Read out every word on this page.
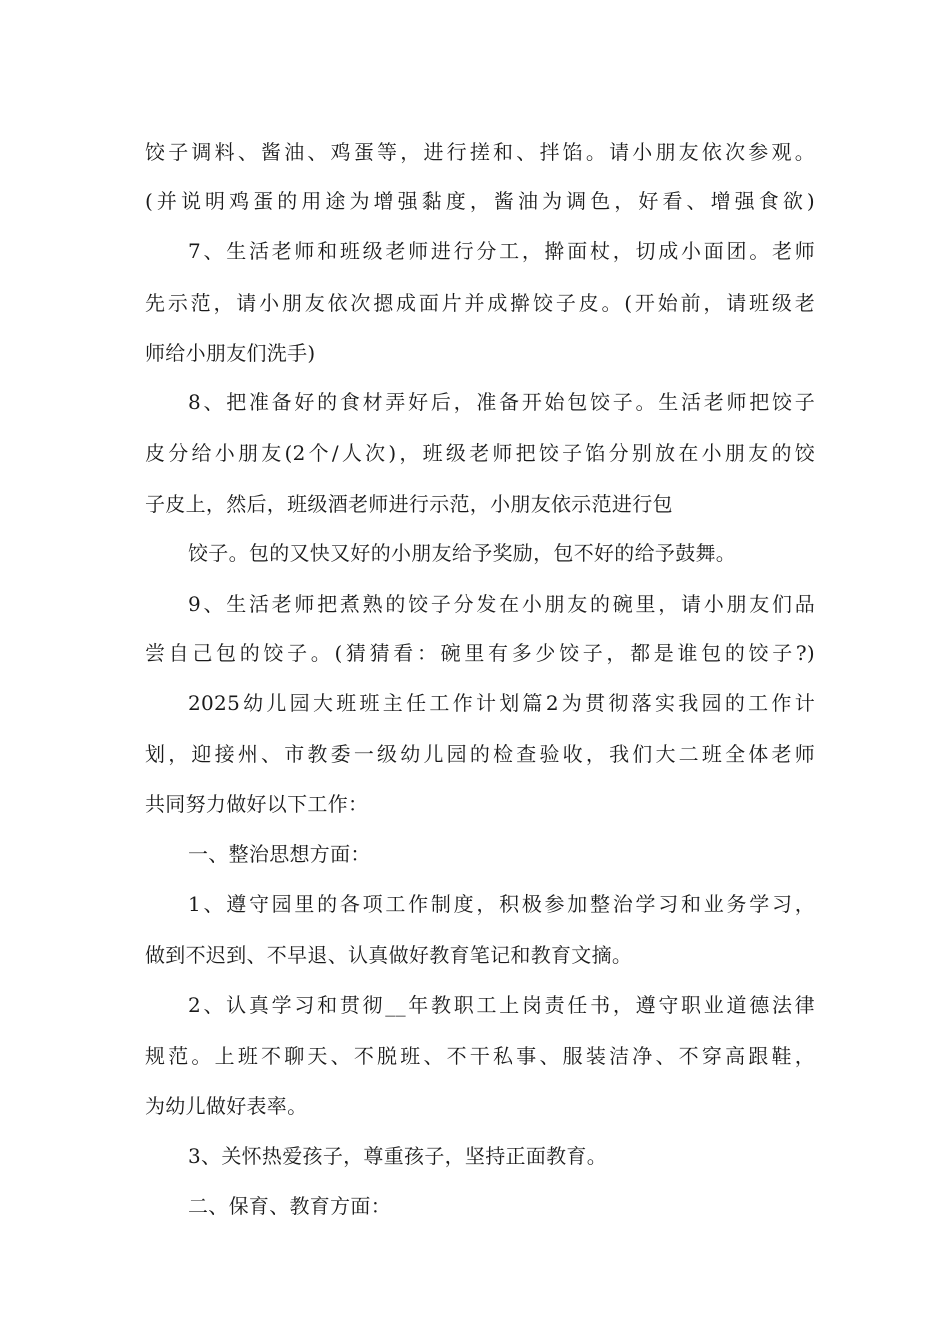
饺子调料、酱油、鸡蛋等，进行搓和、拌馅。请小朋友依次参观。
(并说明鸡蛋的用途为增强黏度，酱油为调色，好看、增强食欲)
7、生活老师和班级老师进行分工，擀面杖，切成小面团。老师
先示范，请小朋友依次摁成面片并成擀饺子皮。(开始前，请班级老
师给小朋友们洗手)
8、把准备好的食材弄好后，准备开始包饺子。生活老师把饺子
皮分给小朋友(2个/人次)，班级老师把饺子馅分别放在小朋友的饺
子皮上，然后，班级酒老师进行示范，小朋友依示范进行包
饺子。包的又快又好的小朋友给予奖励，包不好的给予鼓舞。
9、生活老师把煮熟的饺子分发在小朋友的碗里，请小朋友们品
尝自己包的饺子。(猜猜看：碗里有多少饺子，都是谁包的饺子?)
2025幼儿园大班班主任工作计划篇2为贯彻落实我园的工作计
划，迎接州、市教委一级幼儿园的检查验收，我们大二班全体老师
共同努力做好以下工作：
一、整治思想方面：
1、遵守园里的各项工作制度，积极参加整治学习和业务学习，
做到不迟到、不早退、认真做好教育笔记和教育文摘。
2、认真学习和贯彻__年教职工上岗责任书，遵守职业道德法律
规范。上班不聊天、不脱班、不干私事、服装洁净、不穿高跟鞋，
为幼儿做好表率。
3、关怀热爱孩子，尊重孩子，坚持正面教育。
二、保育、教育方面：
